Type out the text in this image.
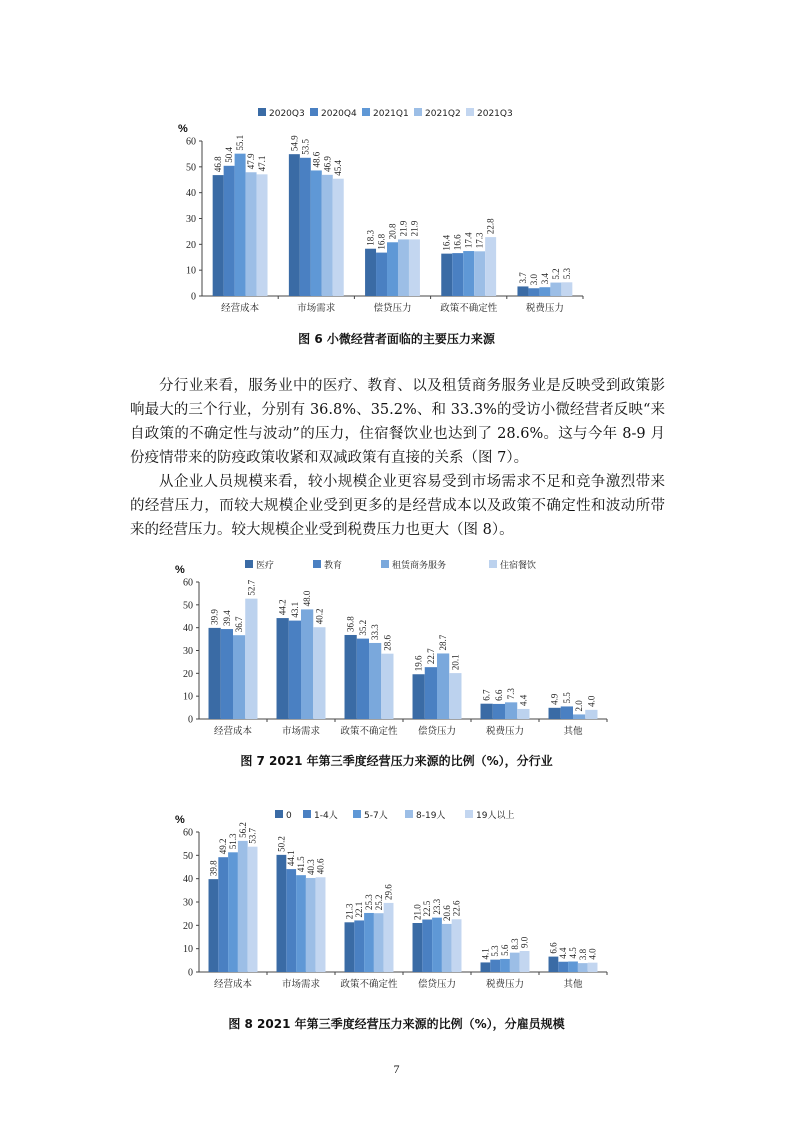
2020Q3 2020Q4 2021Q1 2021Q2 2021Q3
%
0
10
20
30
40
50
60
46.8
50.4
55.1
47.9 47.1
经营成本
54.9 53.5
48.6 46.9 45.4
市场需求
18.3 16.8
20.8 21.9 21.9
偿贷压力
16.4 16.6 17.4 17.3
22.8
政策不确定性
3.7 3.0 3.4 5.2 5.3
税费压力
图 6 小微经营者面临的主要压力来源

分行业来看，服务业中的医疗、教育、以及租赁商务服务业是反映受到政策影响最大的三个行业，分别有 36.8%、35.2%、和 33.3%的受访小微经营者反映“来自政策的不确定性与波动”的压力，住宿餐饮业也达到了 28.6%。这与今年 8-9 月份疫情带来的防疫政策收紧和双减政策有直接的关系（图 7）。

从企业人员规模来看，较小规模企业更容易受到市场需求不足和竞争激烈带来的经营压力，而较大规模企业受到更多的是经营成本以及政策不确定性和波动所带来的经营压力。较大规模企业受到税费压力也更大（图 8）。

医疗	教育	租赁商务服务	住宿餐饮
%
0
10
20
30
40
50
60
39.9 39.4 36.7
52.7
经营成本
44.2 43.1
48.0
40.2
市场需求
36.8 35.2 33.3
28.6
政策不确定性
19.6 22.7
28.7
20.1
偿贷压力
6.7 6.6 7.3
4.4
税费压力
4.9 5.5
2.0 4.0
其他
图 7 2021 年第三季度经营压力来源的比例（%），分行业
0 1-4人	5-7人	8-19人	19人以上
%
0
10
20
30
40
50
60
39.8
49.2 51.3
56.2 53.7
经营成本
50.2
44.1 41.5 40.3 40.6
市场需求
21.3 22.1 25.3 25.2
29.6
政策不确定性
21.0 22.5 23.3 20.6 22.6
偿贷压力
4.1 5.3 5.6
8.3 9.0
税费压力
6.6 4.4 4.5 3.8 4.0
其他
图 8 2021 年第三季度经营压力来源的比例（%），分雇员规模
7
